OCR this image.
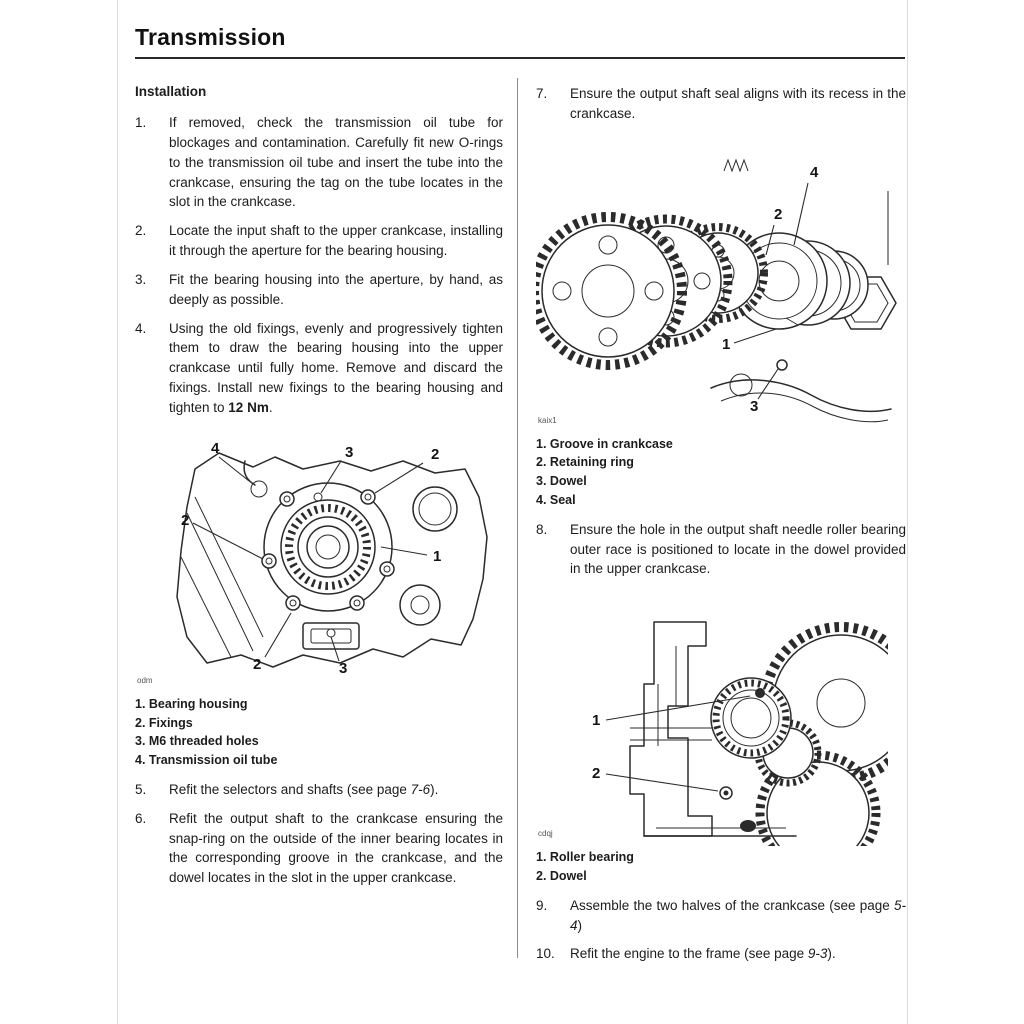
Transmission
Installation
1.	If removed, check the transmission oil tube for blockages and contamination. Carefully fit new O-rings to the transmission oil tube and insert the tube into the crankcase, ensuring the tag on the tube locates in the slot in the crankcase.
2.	Locate the input shaft to the upper crankcase, installing it through the aperture for the bearing housing.
3.	Fit the bearing housing into the aperture, by hand, as deeply as possible.
4.	Using the old fixings, evenly and progressively tighten them to draw the bearing housing into the upper crankcase until fully home. Remove and discard the fixings. Install new fixings to the bearing housing and tighten to 12 Nm.
4	3	2
2
1
2	3
odm
1. Bearing housing
2. Fixings
3. M6 threaded holes
4. Transmission oil tube
5.	Refit the selectors and shafts (see page 7-6).
6.	Refit the output shaft to the crankcase ensuring the snap-ring on the outside of the inner bearing locates in the corresponding groove in the crankcase, and the dowel locates in the slot in the upper crankcase.
7.	Ensure the output shaft seal aligns with its recess in the crankcase.
4
2
1
3
kaix1
1. Groove in crankcase
2. Retaining ring
3. Dowel
4. Seal
8.	Ensure the hole in the output shaft needle roller bearing outer race is positioned to locate in the dowel provided in the upper crankcase.
1
2
cdqj
1. Roller bearing
2. Dowel
9.	Assemble the two halves of the crankcase (see page 5-4)
10.	Refit the engine to the frame (see page 9-3).
